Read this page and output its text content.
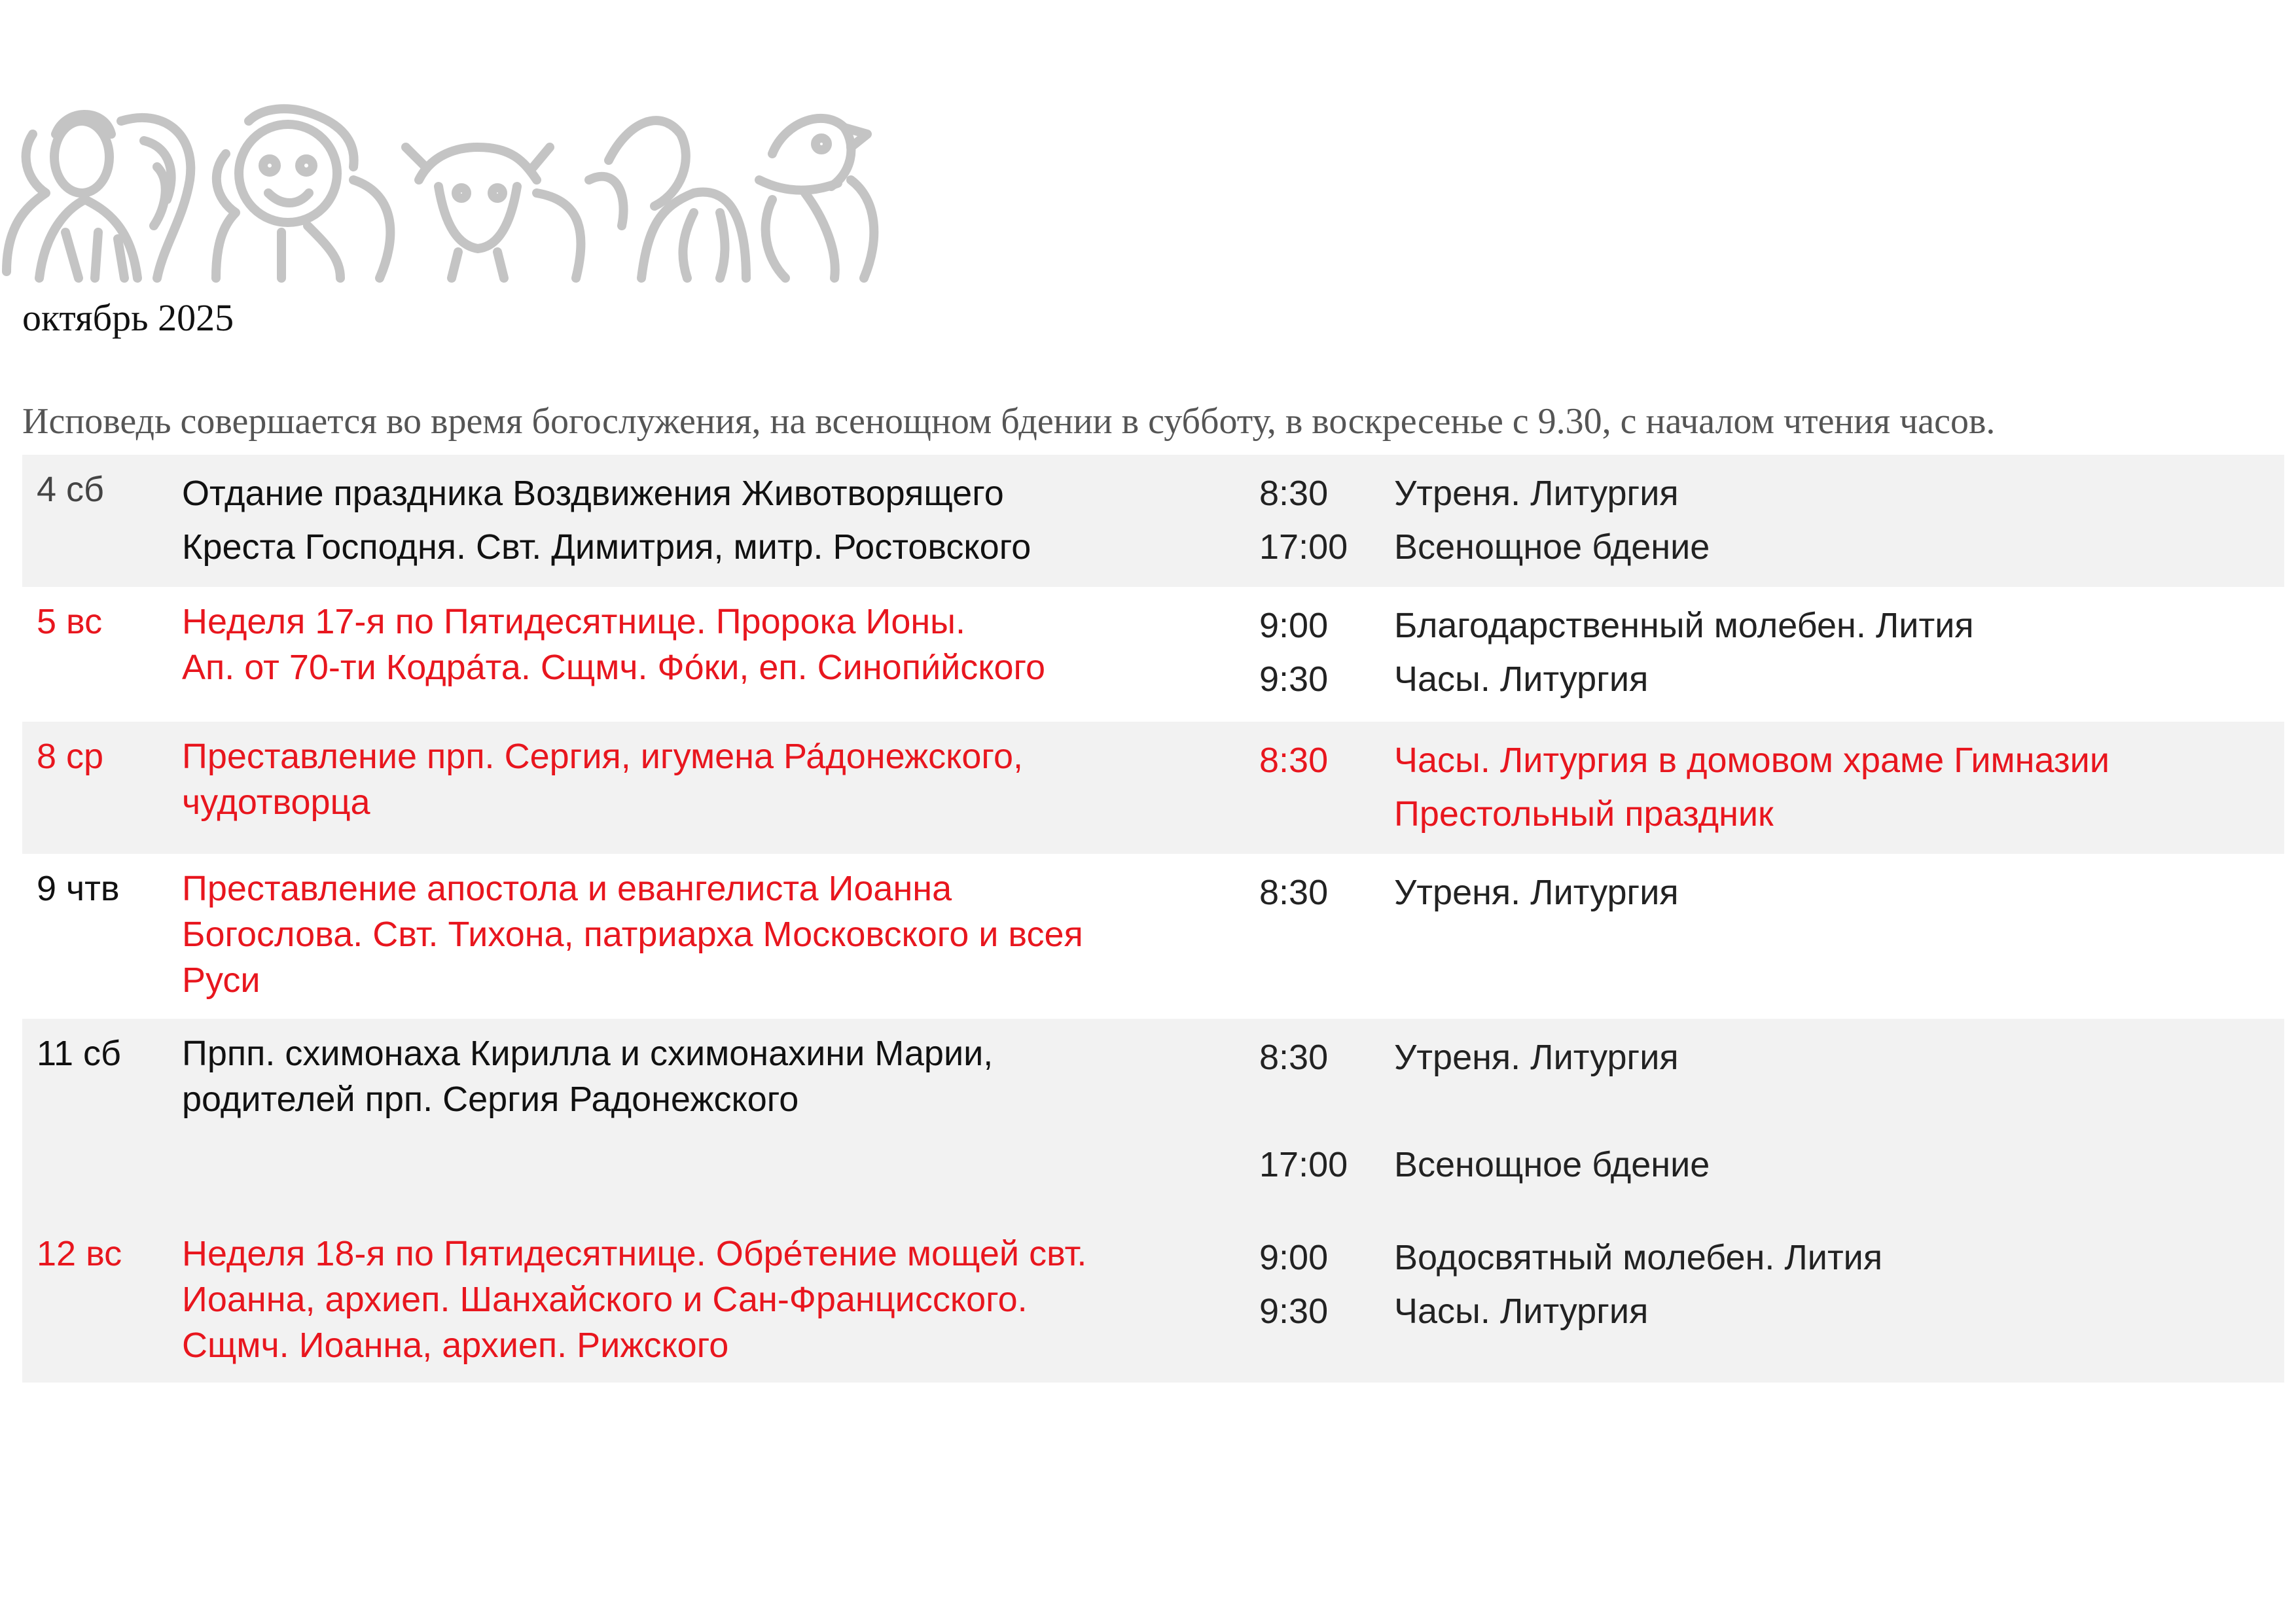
октябрь 2025
Исповедь совершается во время богослужения, на всенощном бдении в субботу, в воскресенье с 9.30, с началом чтения часов.
4 сб Отдание праздника Воздвижения Животворящего
Креста Господня. Свт. Димитрия, митр. Ростовского
8:30
17:00
Утреня. Литургия
Всенощное бдение
5 вс Неделя 17-я по Пятидесятнице. Пророка Ионы.
Ап. от 70-ти Кодра́та. Сщмч. Фо́ки, еп. Синопи́йского
9:00
9:30
Благодарственный молебен. Лития
Часы. Литургия
8 ср Преставление прп. Сергия, игумена Ра́донежского,
чудотворца
8:30 Часы. Литургия в домовом храме Гимназии
Престольный праздник
9 чтв Преставление апостола и евангелиста Иоанна
Богослова. Свт. Тихона, патриарха Московского и всея
Руси
8:30 Утреня. Литургия
11 сб Прпп. схимонаха Кирилла и схимонахини Марии,
родителей прп. Сергия Радонежского
8:30 Утреня. Литургия
17:00 Всенощное бдение
12 вс Неделя 18-я по Пятидесятнице. Обре́тение мощей свт.
Иоанна, архиеп. Шанхайского и Сан-Францисского.
Сщмч. Иоанна, архиеп. Рижского
9:00
9:30
Водосвятный молебен. Лития
Часы. Литургия
